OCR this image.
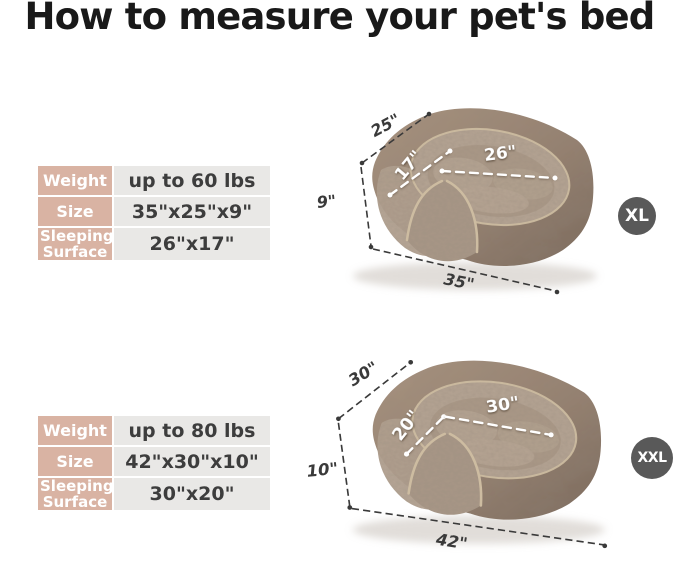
How to measure your pet's bed
Weight	up to 60 lbs
Size	35"x25"x9"
Sleeping Surface	26"x17"
25"
9"
35"
17"	26"
XL
Weight	up to 80 lbs
Size	42"x30"x10"
Sleeping Surface	30"x20"
30"
10"
42"
20"
30"
XXL
